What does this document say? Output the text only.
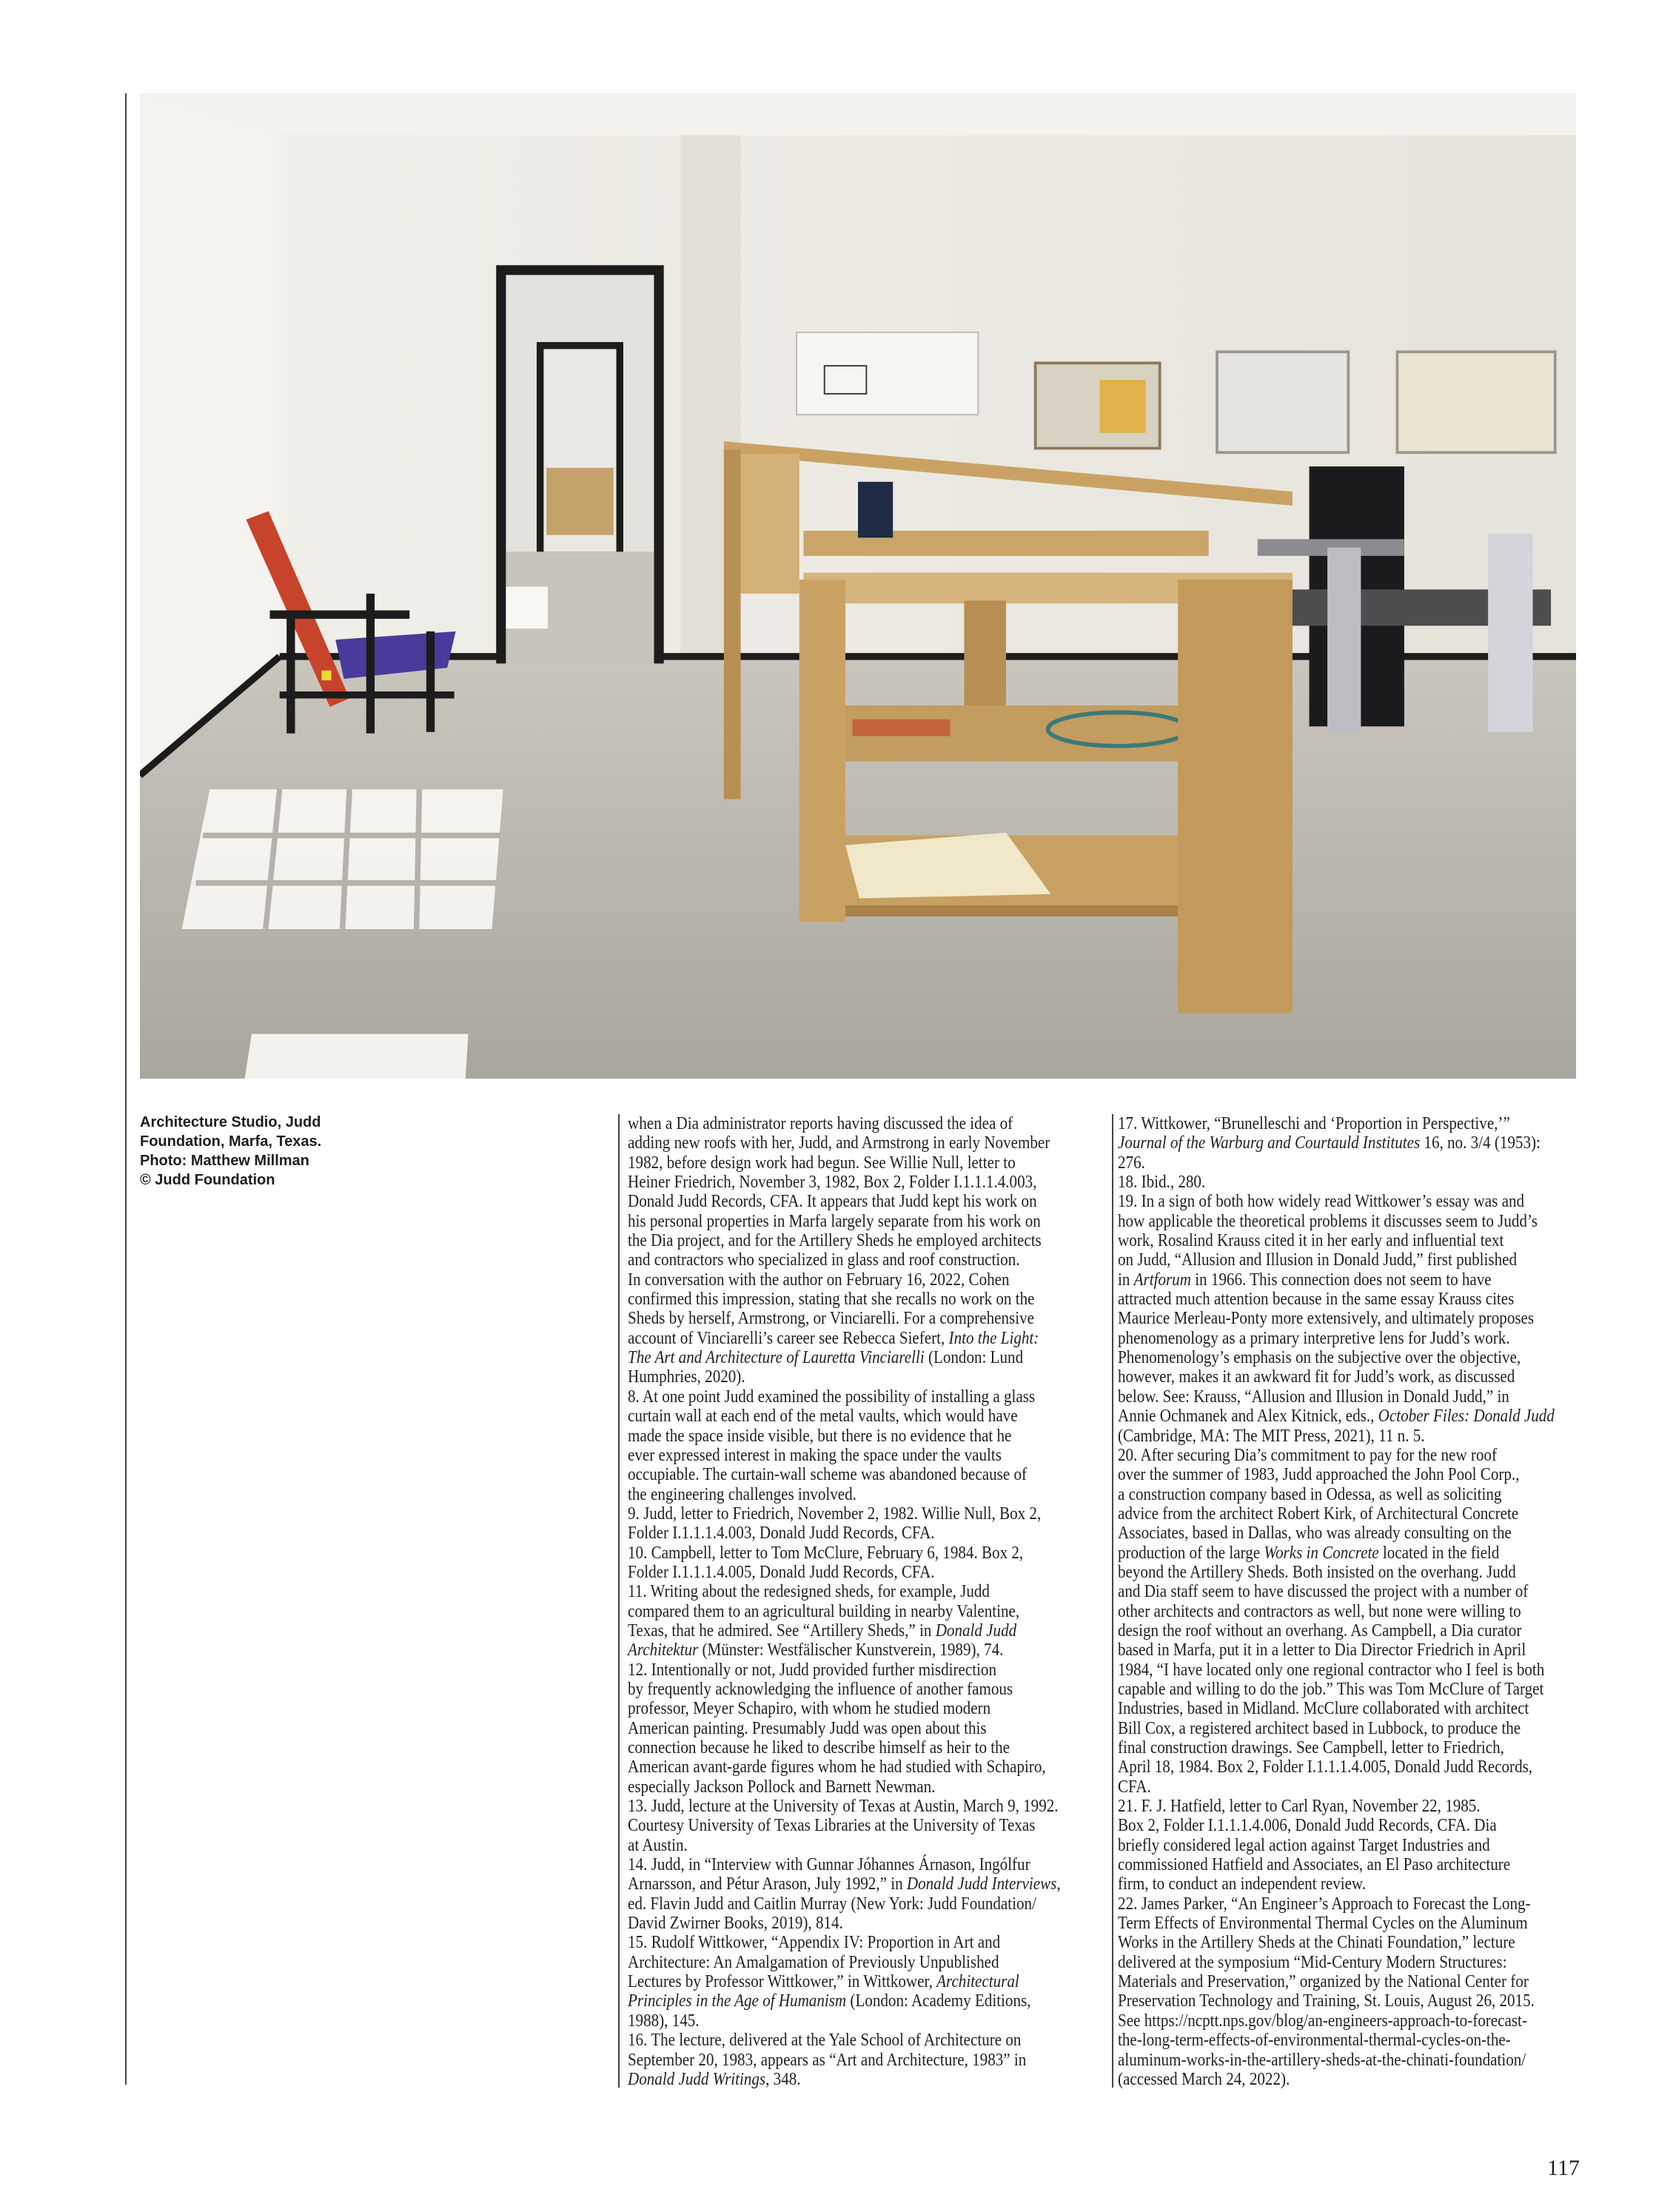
Architecture Studio, Judd
Foundation, Marfa, Texas.
Photo: Matthew Millman
© Judd Foundation
when a Dia administrator reports having discussed the idea of
adding new roofs with her, Judd, and Armstrong in early November
1982, before design work had begun. See Willie Null, letter to
Heiner Friedrich, November 3, 1982, Box 2, Folder I.1.1.1.4.003,
Donald Judd Records, CFA. It appears that Judd kept his work on
his personal properties in Marfa largely separate from his work on
the Dia project, and for the Artillery Sheds he employed architects
and contractors who specialized in glass and roof construction.
In conversation with the author on February 16, 2022, Cohen
confirmed this impression, stating that she recalls no work on the
Sheds by herself, Armstrong, or Vinciarelli. For a comprehensive
account of Vinciarelli’s career see Rebecca Siefert, Into the Light:
The Art and Architecture of Lauretta Vinciarelli (London: Lund
Humphries, 2020).
8. At one point Judd examined the possibility of installing a glass
curtain wall at each end of the metal vaults, which would have
made the space inside visible, but there is no evidence that he
ever expressed interest in making the space under the vaults
occupiable. The curtain-wall scheme was abandoned because of
the engineering challenges involved.
9. Judd, letter to Friedrich, November 2, 1982. Willie Null, Box 2,
Folder I.1.1.1.4.003, Donald Judd Records, CFA.
10. Campbell, letter to Tom McClure, February 6, 1984. Box 2,
Folder I.1.1.1.4.005, Donald Judd Records, CFA.
11. Writing about the redesigned sheds, for example, Judd
compared them to an agricultural building in nearby Valentine,
Texas, that he admired. See “Artillery Sheds,” in Donald Judd
Architektur (Münster: Westfälischer Kunstverein, 1989), 74.
12. Intentionally or not, Judd provided further misdirection
by frequently acknowledging the influence of another famous
professor, Meyer Schapiro, with whom he studied modern
American painting. Presumably Judd was open about this
connection because he liked to describe himself as heir to the
American avant-garde figures whom he had studied with Schapiro,
especially Jackson Pollock and Barnett Newman.
13. Judd, lecture at the University of Texas at Austin, March 9, 1992.
Courtesy University of Texas Libraries at the University of Texas
at Austin.
14. Judd, in “Interview with Gunnar Jóhannes Árnason, Ingólfur
Arnarsson, and Pétur Arason, July 1992,” in Donald Judd Interviews,
ed. Flavin Judd and Caitlin Murray (New York: Judd Foundation/
David Zwirner Books, 2019), 814.
15. Rudolf Wittkower, “Appendix IV: Proportion in Art and
Architecture: An Amalgamation of Previously Unpublished
Lectures by Professor Wittkower,” in Wittkower, Architectural
Principles in the Age of Humanism (London: Academy Editions,
1988), 145.
16. The lecture, delivered at the Yale School of Architecture on
September 20, 1983, appears as “Art and Architecture, 1983” in
Donald Judd Writings, 348.
17. Wittkower, “Brunelleschi and ‘Proportion in Perspective,’”
Journal of the Warburg and Courtauld Institutes 16, no. 3/4 (1953):
276.
18. Ibid., 280.
19. In a sign of both how widely read Wittkower’s essay was and
how applicable the theoretical problems it discusses seem to Judd’s
work, Rosalind Krauss cited it in her early and influential text
on Judd, “Allusion and Illusion in Donald Judd,” first published
in Artforum in 1966. This connection does not seem to have
attracted much attention because in the same essay Krauss cites
Maurice Merleau-Ponty more extensively, and ultimately proposes
phenomenology as a primary interpretive lens for Judd’s work.
Phenomenology’s emphasis on the subjective over the objective,
however, makes it an awkward fit for Judd’s work, as discussed
below. See: Krauss, “Allusion and Illusion in Donald Judd,” in
Annie Ochmanek and Alex Kitnick, eds., October Files: Donald Judd
(Cambridge, MA: The MIT Press, 2021), 11 n. 5.
20. After securing Dia’s commitment to pay for the new roof
over the summer of 1983, Judd approached the John Pool Corp.,
a construction company based in Odessa, as well as soliciting
advice from the architect Robert Kirk, of Architectural Concrete
Associates, based in Dallas, who was already consulting on the
production of the large Works in Concrete located in the field
beyond the Artillery Sheds. Both insisted on the overhang. Judd
and Dia staff seem to have discussed the project with a number of
other architects and contractors as well, but none were willing to
design the roof without an overhang. As Campbell, a Dia curator
based in Marfa, put it in a letter to Dia Director Friedrich in April
1984, “I have located only one regional contractor who I feel is both
capable and willing to do the job.” This was Tom McClure of Target
Industries, based in Midland. McClure collaborated with architect
Bill Cox, a registered architect based in Lubbock, to produce the
final construction drawings. See Campbell, letter to Friedrich,
April 18, 1984. Box 2, Folder I.1.1.1.4.005, Donald Judd Records,
CFA.
21. F. J. Hatfield, letter to Carl Ryan, November 22, 1985.
Box 2, Folder I.1.1.1.4.006, Donald Judd Records, CFA. Dia
briefly considered legal action against Target Industries and
commissioned Hatfield and Associates, an El Paso architecture
firm, to conduct an independent review.
22. James Parker, “An Engineer’s Approach to Forecast the Long-
Term Effects of Environmental Thermal Cycles on the Aluminum
Works in the Artillery Sheds at the Chinati Foundation,” lecture
delivered at the symposium “Mid-Century Modern Structures:
Materials and Preservation,” organized by the National Center for
Preservation Technology and Training, St. Louis, August 26, 2015.
See https://ncptt.nps.gov/blog/an-engineers-approach-to-forecast-
the-long-term-effects-of-environmental-thermal-cycles-on-the-
aluminum-works-in-the-artillery-sheds-at-the-chinati-foundation/
(accessed March 24, 2022).
117
